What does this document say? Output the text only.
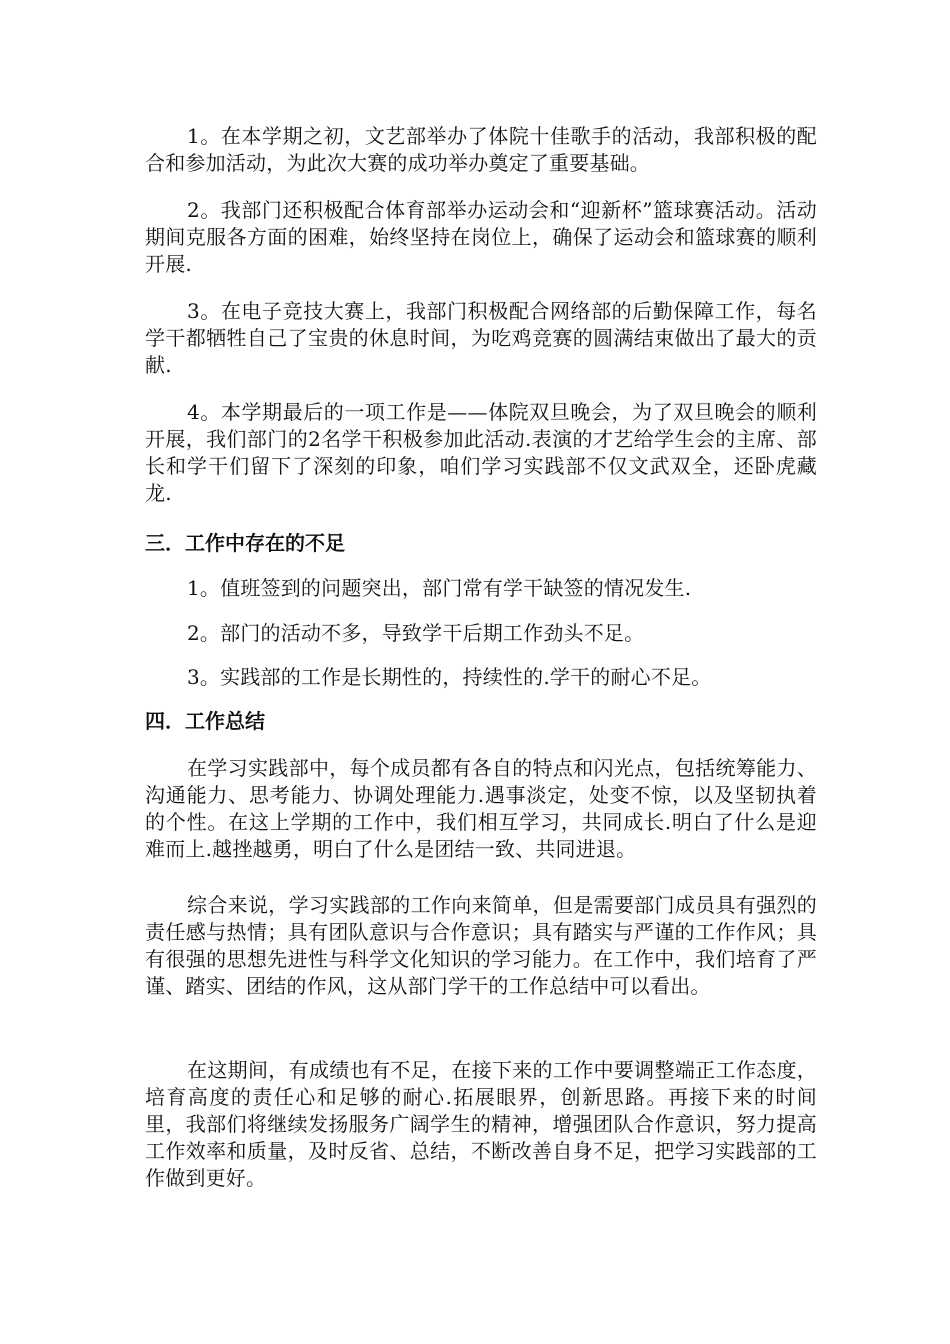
1。在本学期之初，文艺部举办了体院十佳歌手的活动，我部积极的配合和参加活动，为此次大赛的成功举办奠定了重要基础。

2。我部门还积极配合体育部举办运动会和“迎新杯”篮球赛活动。活动期间克服各方面的困难，始终坚持在岗位上，确保了运动会和篮球赛的顺利开展.

3。在电子竞技大赛上，我部门积极配合网络部的后勤保障工作，每名学干都牺牲自己了宝贵的休息时间，为吃鸡竞赛的圆满结束做出了最大的贡献.

4。本学期最后的一项工作是——体院双旦晚会，为了双旦晚会的顺利开展，我们部门的2名学干积极参加此活动.表演的才艺给学生会的主席、部长和学干们留下了深刻的印象，咱们学习实践部不仅文武双全，还卧虎藏龙.

三．工作中存在的不足

1。值班签到的问题突出，部门常有学干缺签的情况发生.

2。部门的活动不多，导致学干后期工作劲头不足。

3。实践部的工作是长期性的，持续性的.学干的耐心不足。

四．工作总结

在学习实践部中，每个成员都有各自的特点和闪光点，包括统筹能力、沟通能力、思考能力、协调处理能力.遇事淡定，处变不惊，以及坚韧执着的个性。在这上学期的工作中，我们相互学习，共同成长.明白了什么是迎难而上.越挫越勇，明白了什么是团结一致、共同进退。

综合来说，学习实践部的工作向来简单，但是需要部门成员具有强烈的责任感与热情；具有团队意识与合作意识；具有踏实与严谨的工作作风；具有很强的思想先进性与科学文化知识的学习能力。在工作中，我们培育了严谨、踏实、团结的作风，这从部门学干的工作总结中可以看出。

在这期间，有成绩也有不足，在接下来的工作中要调整端正工作态度，培育高度的责任心和足够的耐心.拓展眼界，创新思路。再接下来的时间里，我部们将继续发扬服务广阔学生的精神，增强团队合作意识，努力提高工作效率和质量，及时反省、总结，不断改善自身不足，把学习实践部的工作做到更好。
